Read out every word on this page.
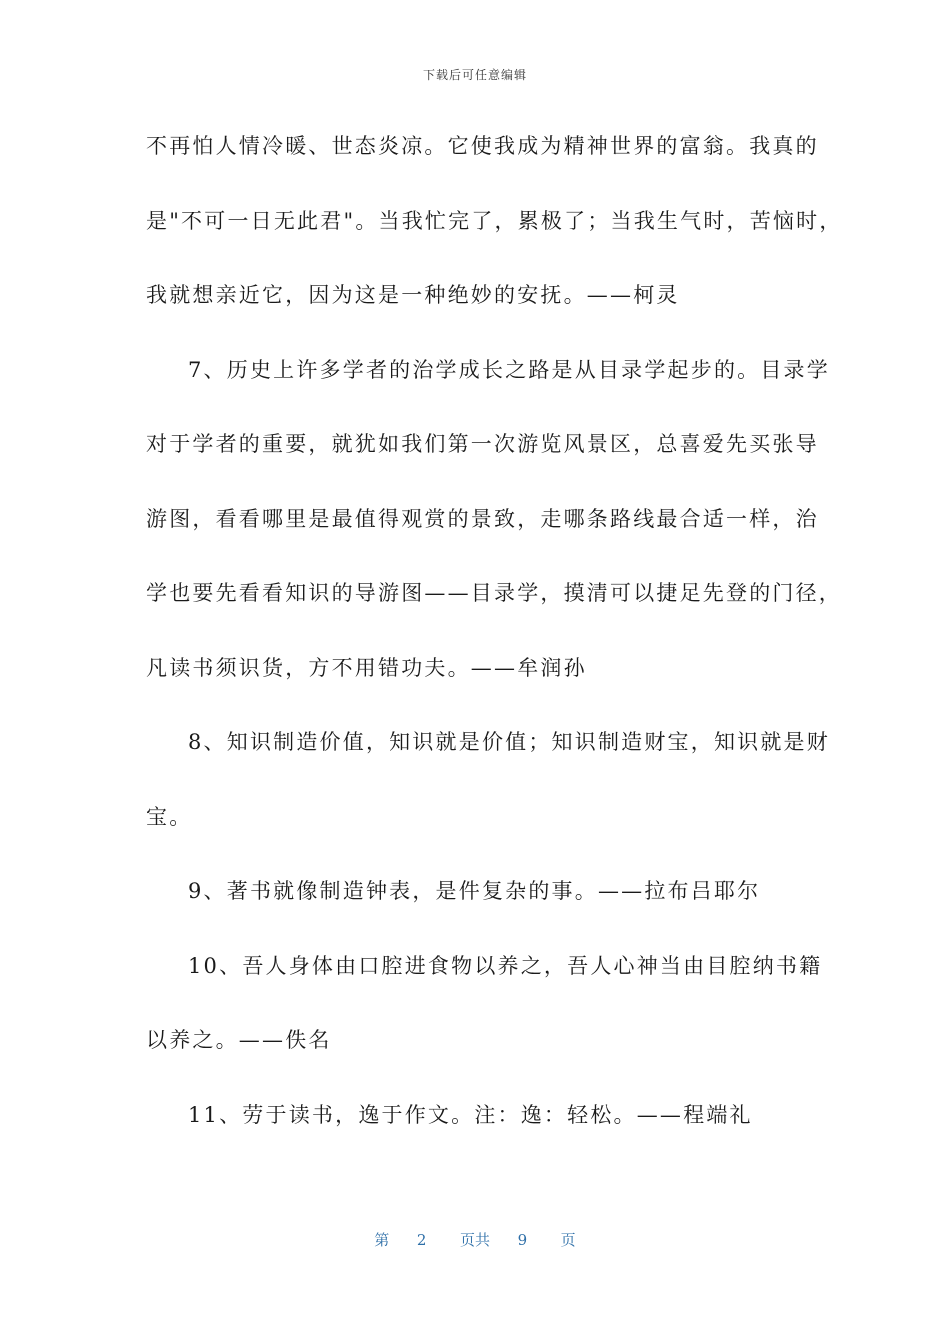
下载后可任意编辑
不再怕人情冷暖、世态炎凉。它使我成为精神世界的富翁。我真的
是"不可一日无此君"。当我忙完了，累极了；当我生气时，苦恼时，
我就想亲近它，因为这是一种绝妙的安抚。——柯灵
7、历史上许多学者的治学成长之路是从目录学起步的。目录学
对于学者的重要，就犹如我们第一次游览风景区，总喜爱先买张导
游图，看看哪里是最值得观赏的景致，走哪条路线最合适一样，治
学也要先看看知识的导游图——目录学，摸清可以捷足先登的门径，
凡读书须识货，方不用错功夫。——牟润孙
8、知识制造价值，知识就是价值；知识制造财宝，知识就是财
宝。
9、著书就像制造钟表，是件复杂的事。——拉布吕耶尔
10、吾人身体由口腔进食物以养之，吾人心神当由目腔纳书籍
以养之。——佚名
11、劳于读书，逸于作文。注：逸：轻松。——程端礼
第 2 页共 9 页
